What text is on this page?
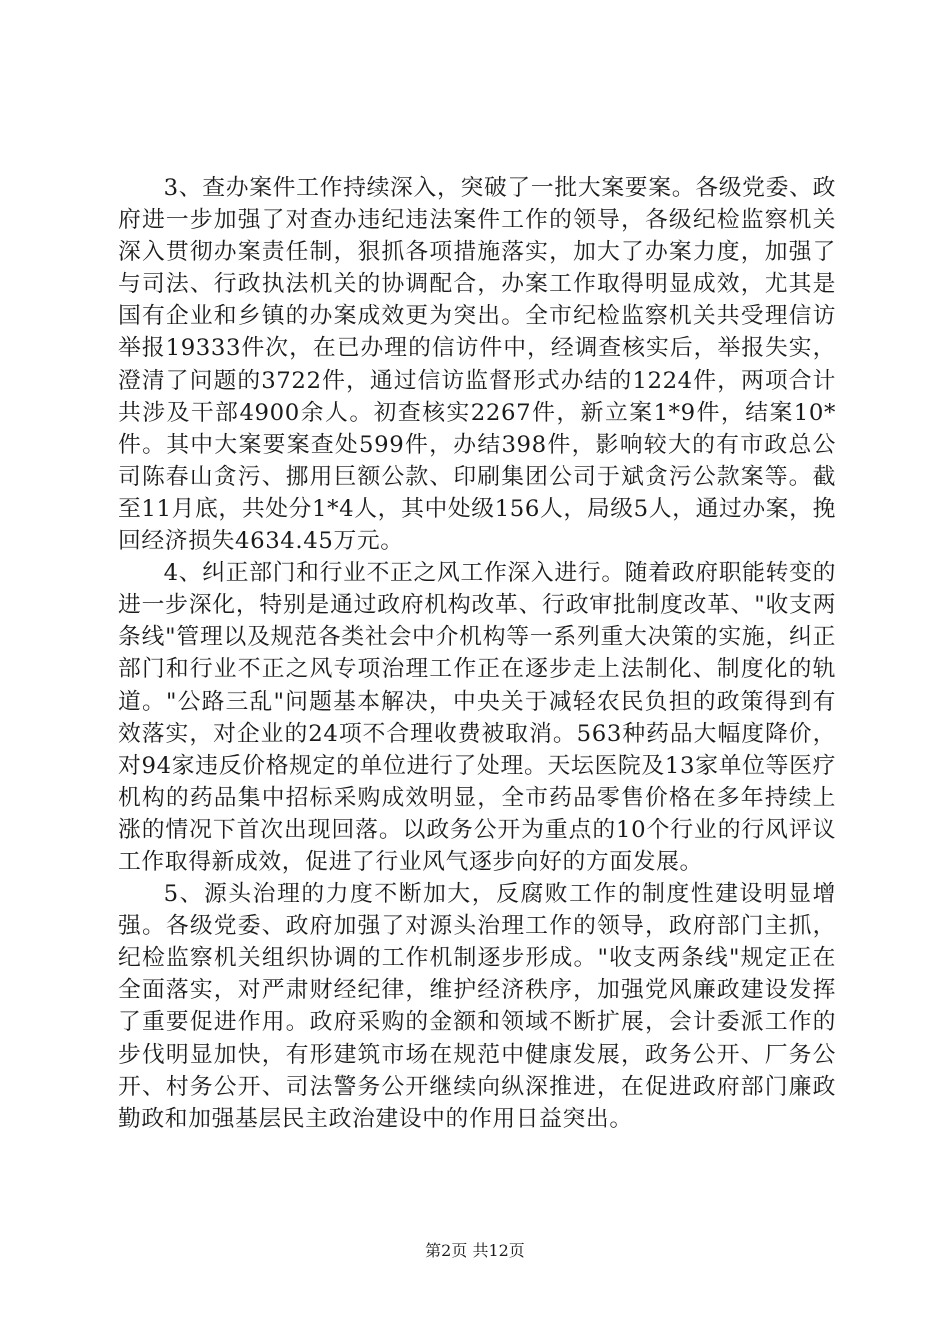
3、查办案件工作持续深入，突破了一批大案要案。各级党委、政府进一步加强了对查办违纪违法案件工作的领导，各级纪检监察机关深入贯彻办案责任制，狠抓各项措施落实，加大了办案力度，加强了与司法、行政执法机关的协调配合，办案工作取得明显成效，尤其是国有企业和乡镇的办案成效更为突出。全市纪检监察机关共受理信访举报19333件次，在已办理的信访件中，经调查核实后，举报失实，澄清了问题的3722件，通过信访监督形式办结的1224件，两项合计共涉及干部4900余人。初查核实2267件，新立案1*9件，结案10*件。其中大案要案查处599件，办结398件，影响较大的有市政总公司陈春山贪污、挪用巨额公款、印刷集团公司于斌贪污公款案等。截至11月底，共处分1*4人，其中处级156人，局级5人，通过办案，挽回经济损失4634.45万元。

4、纠正部门和行业不正之风工作深入进行。随着政府职能转变的进一步深化，特别是通过政府机构改革、行政审批制度改革、"收支两条线"管理以及规范各类社会中介机构等一系列重大决策的实施，纠正部门和行业不正之风专项治理工作正在逐步走上法制化、制度化的轨道。"公路三乱"问题基本解决，中央关于减轻农民负担的政策得到有效落实，对企业的24项不合理收费被取消。563种药品大幅度降价，对94家违反价格规定的单位进行了处理。天坛医院及13家单位等医疗机构的药品集中招标采购成效明显，全市药品零售价格在多年持续上涨的情况下首次出现回落。以政务公开为重点的10个行业的行风评议工作取得新成效，促进了行业风气逐步向好的方面发展。

5、源头治理的力度不断加大，反腐败工作的制度性建设明显增强。各级党委、政府加强了对源头治理工作的领导，政府部门主抓，纪检监察机关组织协调的工作机制逐步形成。"收支两条线"规定正在全面落实，对严肃财经纪律，维护经济秩序，加强党风廉政建设发挥了重要促进作用。政府采购的金额和领域不断扩展，会计委派工作的步伐明显加快，有形建筑市场在规范中健康发展，政务公开、厂务公开、村务公开、司法警务公开继续向纵深推进，在促进政府部门廉政勤政和加强基层民主政治建设中的作用日益突出。

第2页 共12页
